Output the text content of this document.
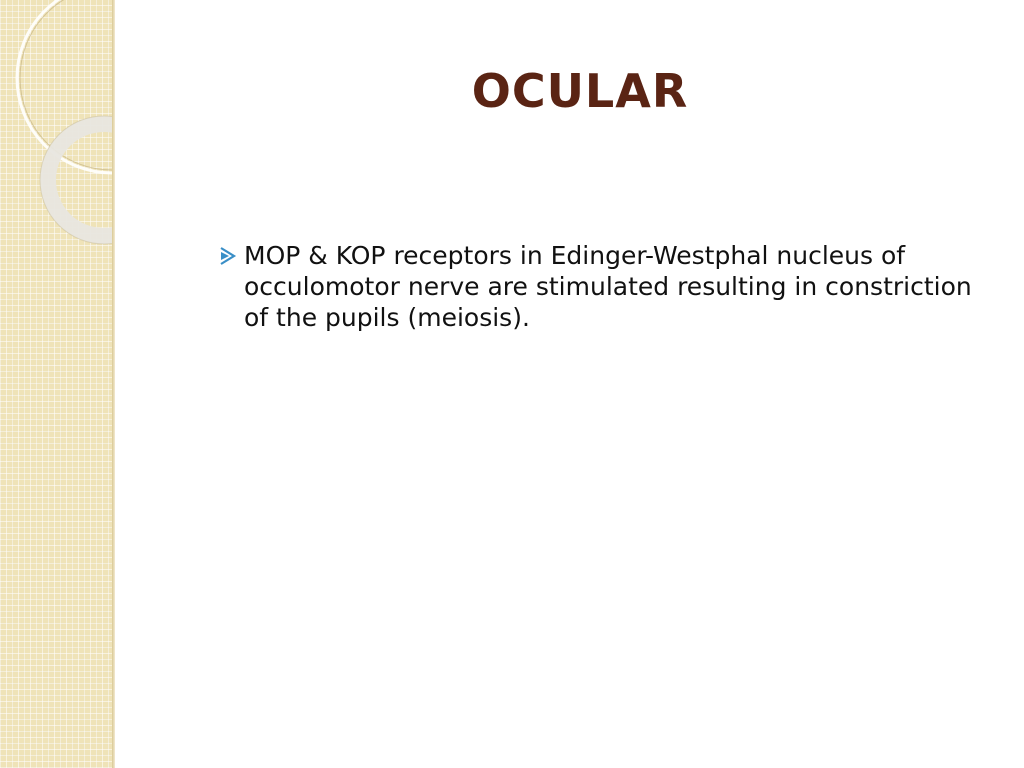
OCULAR
MOP & KOP receptors in Edinger-Westphal nucleus of occulomotor nerve are stimulated resulting in constriction of the pupils (meiosis).
